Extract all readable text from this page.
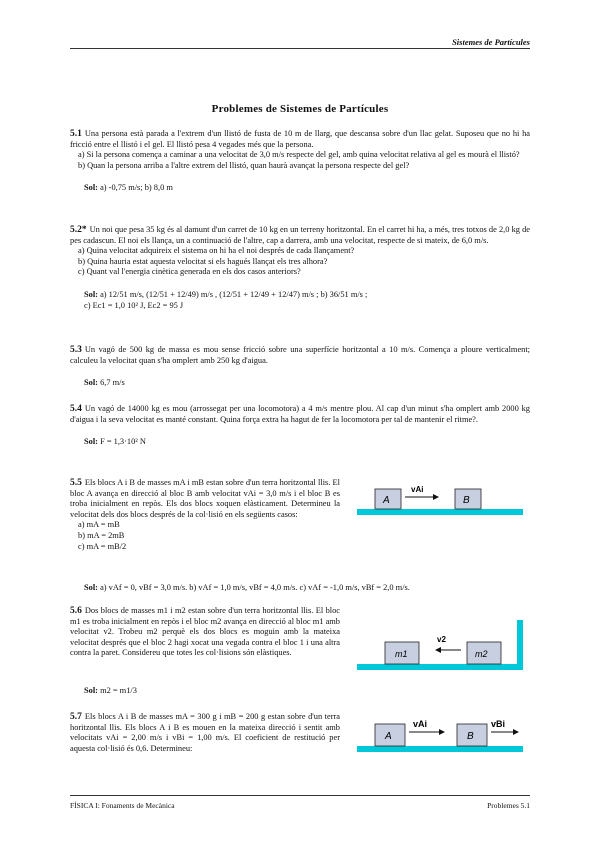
Sistemes de Partícules
Problemes de Sistemes de Partícules
5.1 Una persona està parada a l'extrem d'un llistó de fusta de 10 m de llarg, que descansa sobre d'un llac gelat. Suposeu que no hi ha fricció entre el llistó i el gel. El llistó pesa 4 vegades més que la persona.
a) Si la persona comença a caminar a una velocitat de 3,0 m/s respecte del gel, amb quina velocitat relativa al gel es mourà el llistó?
b) Quan la persona arriba a l'altre extrem del llistó, quan haurà avançat la persona respecte del gel?
Sol: a) -0,75 m/s; b) 8,0 m
5.2* Un noi que pesa 35 kg és al damunt d'un carret de 10 kg en un terreny horitzontal. En el carret hi ha, a més, tres totxos de 2,0 kg de pes cadascun. El noi els llança, un a continuació de l'altre, cap a darrera, amb una velocitat, respecte de si mateix, de 6,0 m/s.
a) Quina velocitat adquireix el sistema on hi ha el noi després de cada llançament?
b) Quina hauria estat aquesta velocitat si els hagués llançat els tres alhora?
c) Quant val l'energia cinètica generada en els dos casos anteriors?
Sol: a) 12/51 m/s, (12/51 + 12/49) m/s , (12/51 + 12/49 + 12/47) m/s ; b) 36/51 m/s ;
c) Ec1 = 1,0 10² J, Ec2 = 95 J
5.3 Un vagó de 500 kg de massa es mou sense fricció sobre una superfície horitzontal a 10 m/s. Comença a ploure verticalment; calculeu la velocitat quan s'ha omplert amb 250 kg d'aigua.
Sol: 6,7 m/s
5.4 Un vagó de 14000 kg es mou (arrossegat per una locomotora) a 4 m/s mentre plou. Al cap d'un minut s'ha omplert amb 2000 kg d'aigua i la seva velocitat es manté constant. Quina força extra ha hagut de fer la locomotora per tal de mantenir el ritme?.
Sol: F = 1,3·10² N
5.5 Els blocs A i B de masses mA i mB estan sobre d'un terra horitzontal llis. El bloc A avança en direcció al bloc B amb velocitat vAi = 3,0 m/s i el bloc B es troba inicialment en repòs. Els dos blocs xoquen elàsticament. Determineu la velocitat dels dos blocs després de la col·lisió en els següents casos:
a) mA = mB
b) mA = 2mB
c) mA = mB/2
Sol: a) vAf = 0, vBf = 3,0 m/s. b) vAf = 1,0 m/s, vBf = 4,0 m/s. c) vAf = -1,0 m/s, vBf = 2,0 m/s.
A
vAi
B
5.6 Dos blocs de masses m1 i m2 estan sobre d'un terra horitzontal llis. El bloc m1 es troba inicialment en repòs i el bloc m2 avança en direcció al bloc m1 amb velocitat v2. Trobeu m2 perquè els dos blocs es moguin amb la mateixa velocitat després que el bloc 2 hagi xocat una vegada contra el bloc 1 i una altra contra la paret. Considereu que totes les col·lisions són elàstiques.
Sol: m2 = m1/3
m1	m2
v2
5.7 Els blocs A i B de masses mA = 300 g i mB = 200 g estan sobre d'un terra horitzontal llis. Els blocs A i B es mouen en la mateixa direcció i sentit amb velocitats vAi = 2,00 m/s i vBi = 1,00 m/s. El coeficient de restitució per aquesta col·lisió és 0,6. Determineu:
A
vAi
B
vBi
FÍSICA I: Fonaments de Mecànica	Problemes 5.1
